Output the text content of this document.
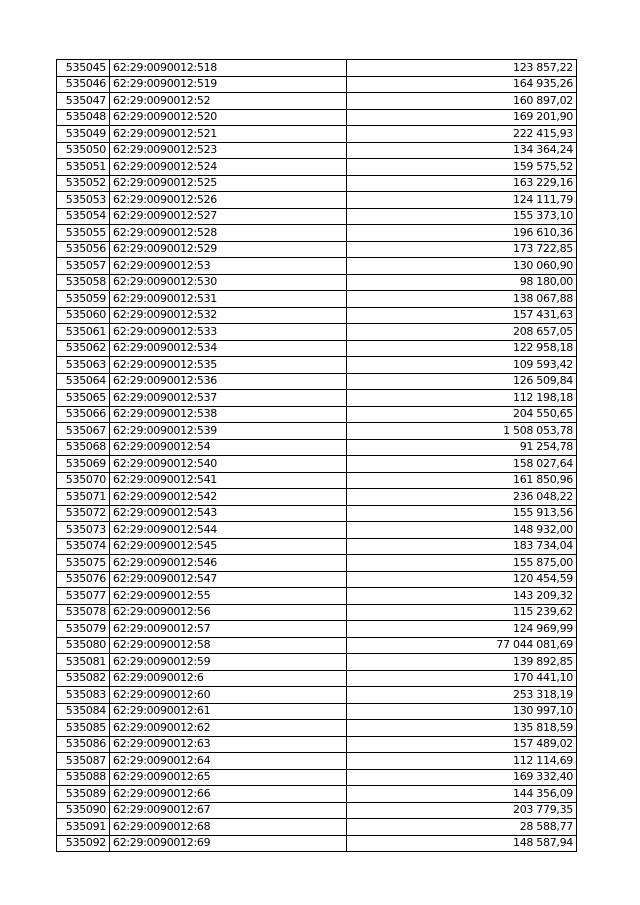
535045	62:29:0090012:518	123 857,22
535046	62:29:0090012:519	164 935,26
535047	62:29:0090012:52	160 897,02
535048	62:29:0090012:520	169 201,90
535049	62:29:0090012:521	222 415,93
535050	62:29:0090012:523	134 364,24
535051	62:29:0090012:524	159 575,52
535052	62:29:0090012:525	163 229,16
535053	62:29:0090012:526	124 111,79
535054	62:29:0090012:527	155 373,10
535055	62:29:0090012:528	196 610,36
535056	62:29:0090012:529	173 722,85
535057	62:29:0090012:53	130 060,90
535058	62:29:0090012:530	98 180,00
535059	62:29:0090012:531	138 067,88
535060	62:29:0090012:532	157 431,63
535061	62:29:0090012:533	208 657,05
535062	62:29:0090012:534	122 958,18
535063	62:29:0090012:535	109 593,42
535064	62:29:0090012:536	126 509,84
535065	62:29:0090012:537	112 198,18
535066	62:29:0090012:538	204 550,65
535067	62:29:0090012:539	1 508 053,78
535068	62:29:0090012:54	91 254,78
535069	62:29:0090012:540	158 027,64
535070	62:29:0090012:541	161 850,96
535071	62:29:0090012:542	236 048,22
535072	62:29:0090012:543	155 913,56
535073	62:29:0090012:544	148 932,00
535074	62:29:0090012:545	183 734,04
535075	62:29:0090012:546	155 875,00
535076	62:29:0090012:547	120 454,59
535077	62:29:0090012:55	143 209,32
535078	62:29:0090012:56	115 239,62
535079	62:29:0090012:57	124 969,99
535080	62:29:0090012:58	77 044 081,69
535081	62:29:0090012:59	139 892,85
535082	62:29:0090012:6	170 441,10
535083	62:29:0090012:60	253 318,19
535084	62:29:0090012:61	130 997,10
535085	62:29:0090012:62	135 818,59
535086	62:29:0090012:63	157 489,02
535087	62:29:0090012:64	112 114,69
535088	62:29:0090012:65	169 332,40
535089	62:29:0090012:66	144 356,09
535090	62:29:0090012:67	203 779,35
535091	62:29:0090012:68	28 588,77
535092	62:29:0090012:69	148 587,94
